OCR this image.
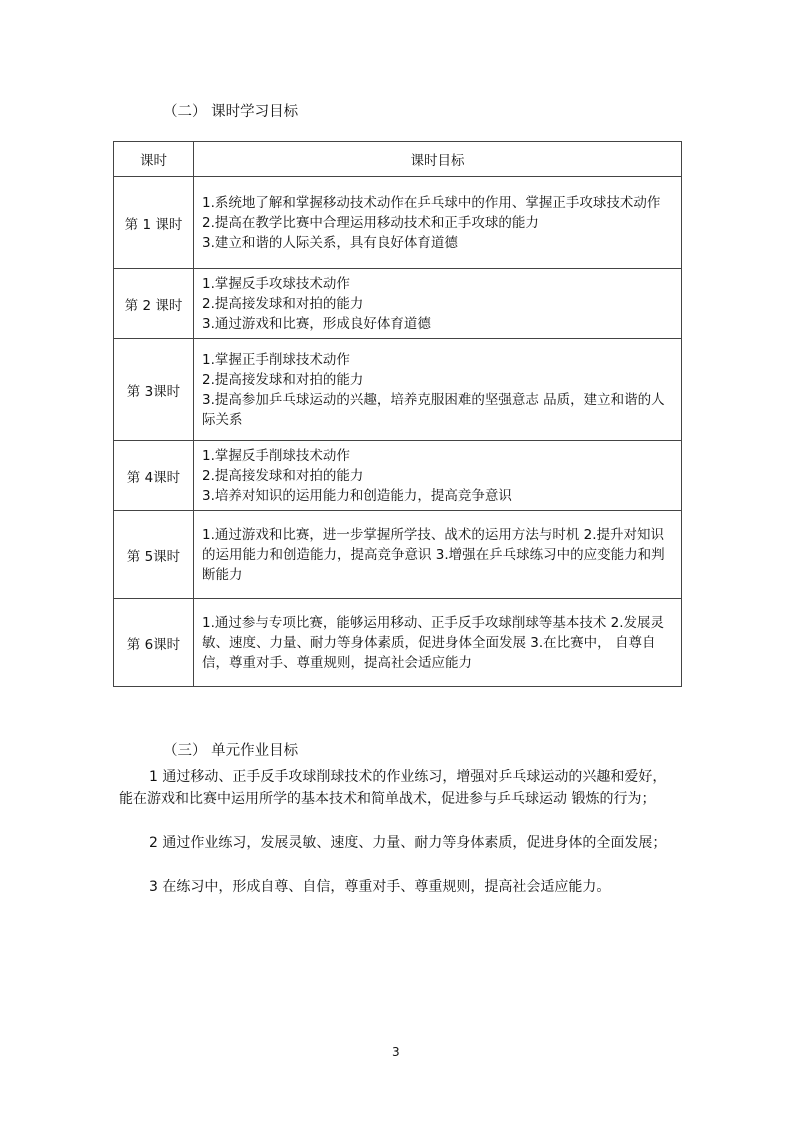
（二） 课时学习目标
课时	课时目标
第 1 课时	1.系统地了解和掌握移动技术动作在乒乓球中的作用、掌握正手攻球技术动作
2.提高在教学比赛中合理运用移动技术和正手攻球的能力
3.建立和谐的人际关系，具有良好体育道德

第 2 课时	1.掌握反手攻球技术动作
2.提高接发球和对拍的能力
3.通过游戏和比赛，形成良好体育道德

第 3课时	1.掌握正手削球技术动作
2.提高接发球和对拍的能力
3.提高参加乒乓球运动的兴趣，培养克服困难的坚强意志 品质，建立和谐的人际关系

第 4课时	1.掌握反手削球技术动作
2.提高接发球和对拍的能力
3.培养对知识的运用能力和创造能力，提高竞争意识

第 5课时	1.通过游戏和比赛，进一步掌握所学技、战术的运用方法与时机 2.提升对知识的运用能力和创造能力，提高竞争意识 3.增强在乒乓球练习中的应变能力和判断能力

第 6课时	1.通过参与专项比赛，能够运用移动、正手反手攻球削球等基本技术 2.发展灵敏、速度、力量、耐力等身体素质，促进身体全面发展 3.在比赛中， 自尊自信，尊重对手、尊重规则，提高社会适应能力
（三） 单元作业目标
1 通过移动、正手反手攻球削球技术的作业练习，增强对乒乓球运动的兴趣和爱好，能在游戏和比赛中运用所学的基本技术和简单战术，促进参与乒乓球运动 锻炼的行为；
2 通过作业练习，发展灵敏、速度、力量、耐力等身体素质，促进身体的全面发展；
3 在练习中，形成自尊、自信，尊重对手、尊重规则，提高社会适应能力。
3
